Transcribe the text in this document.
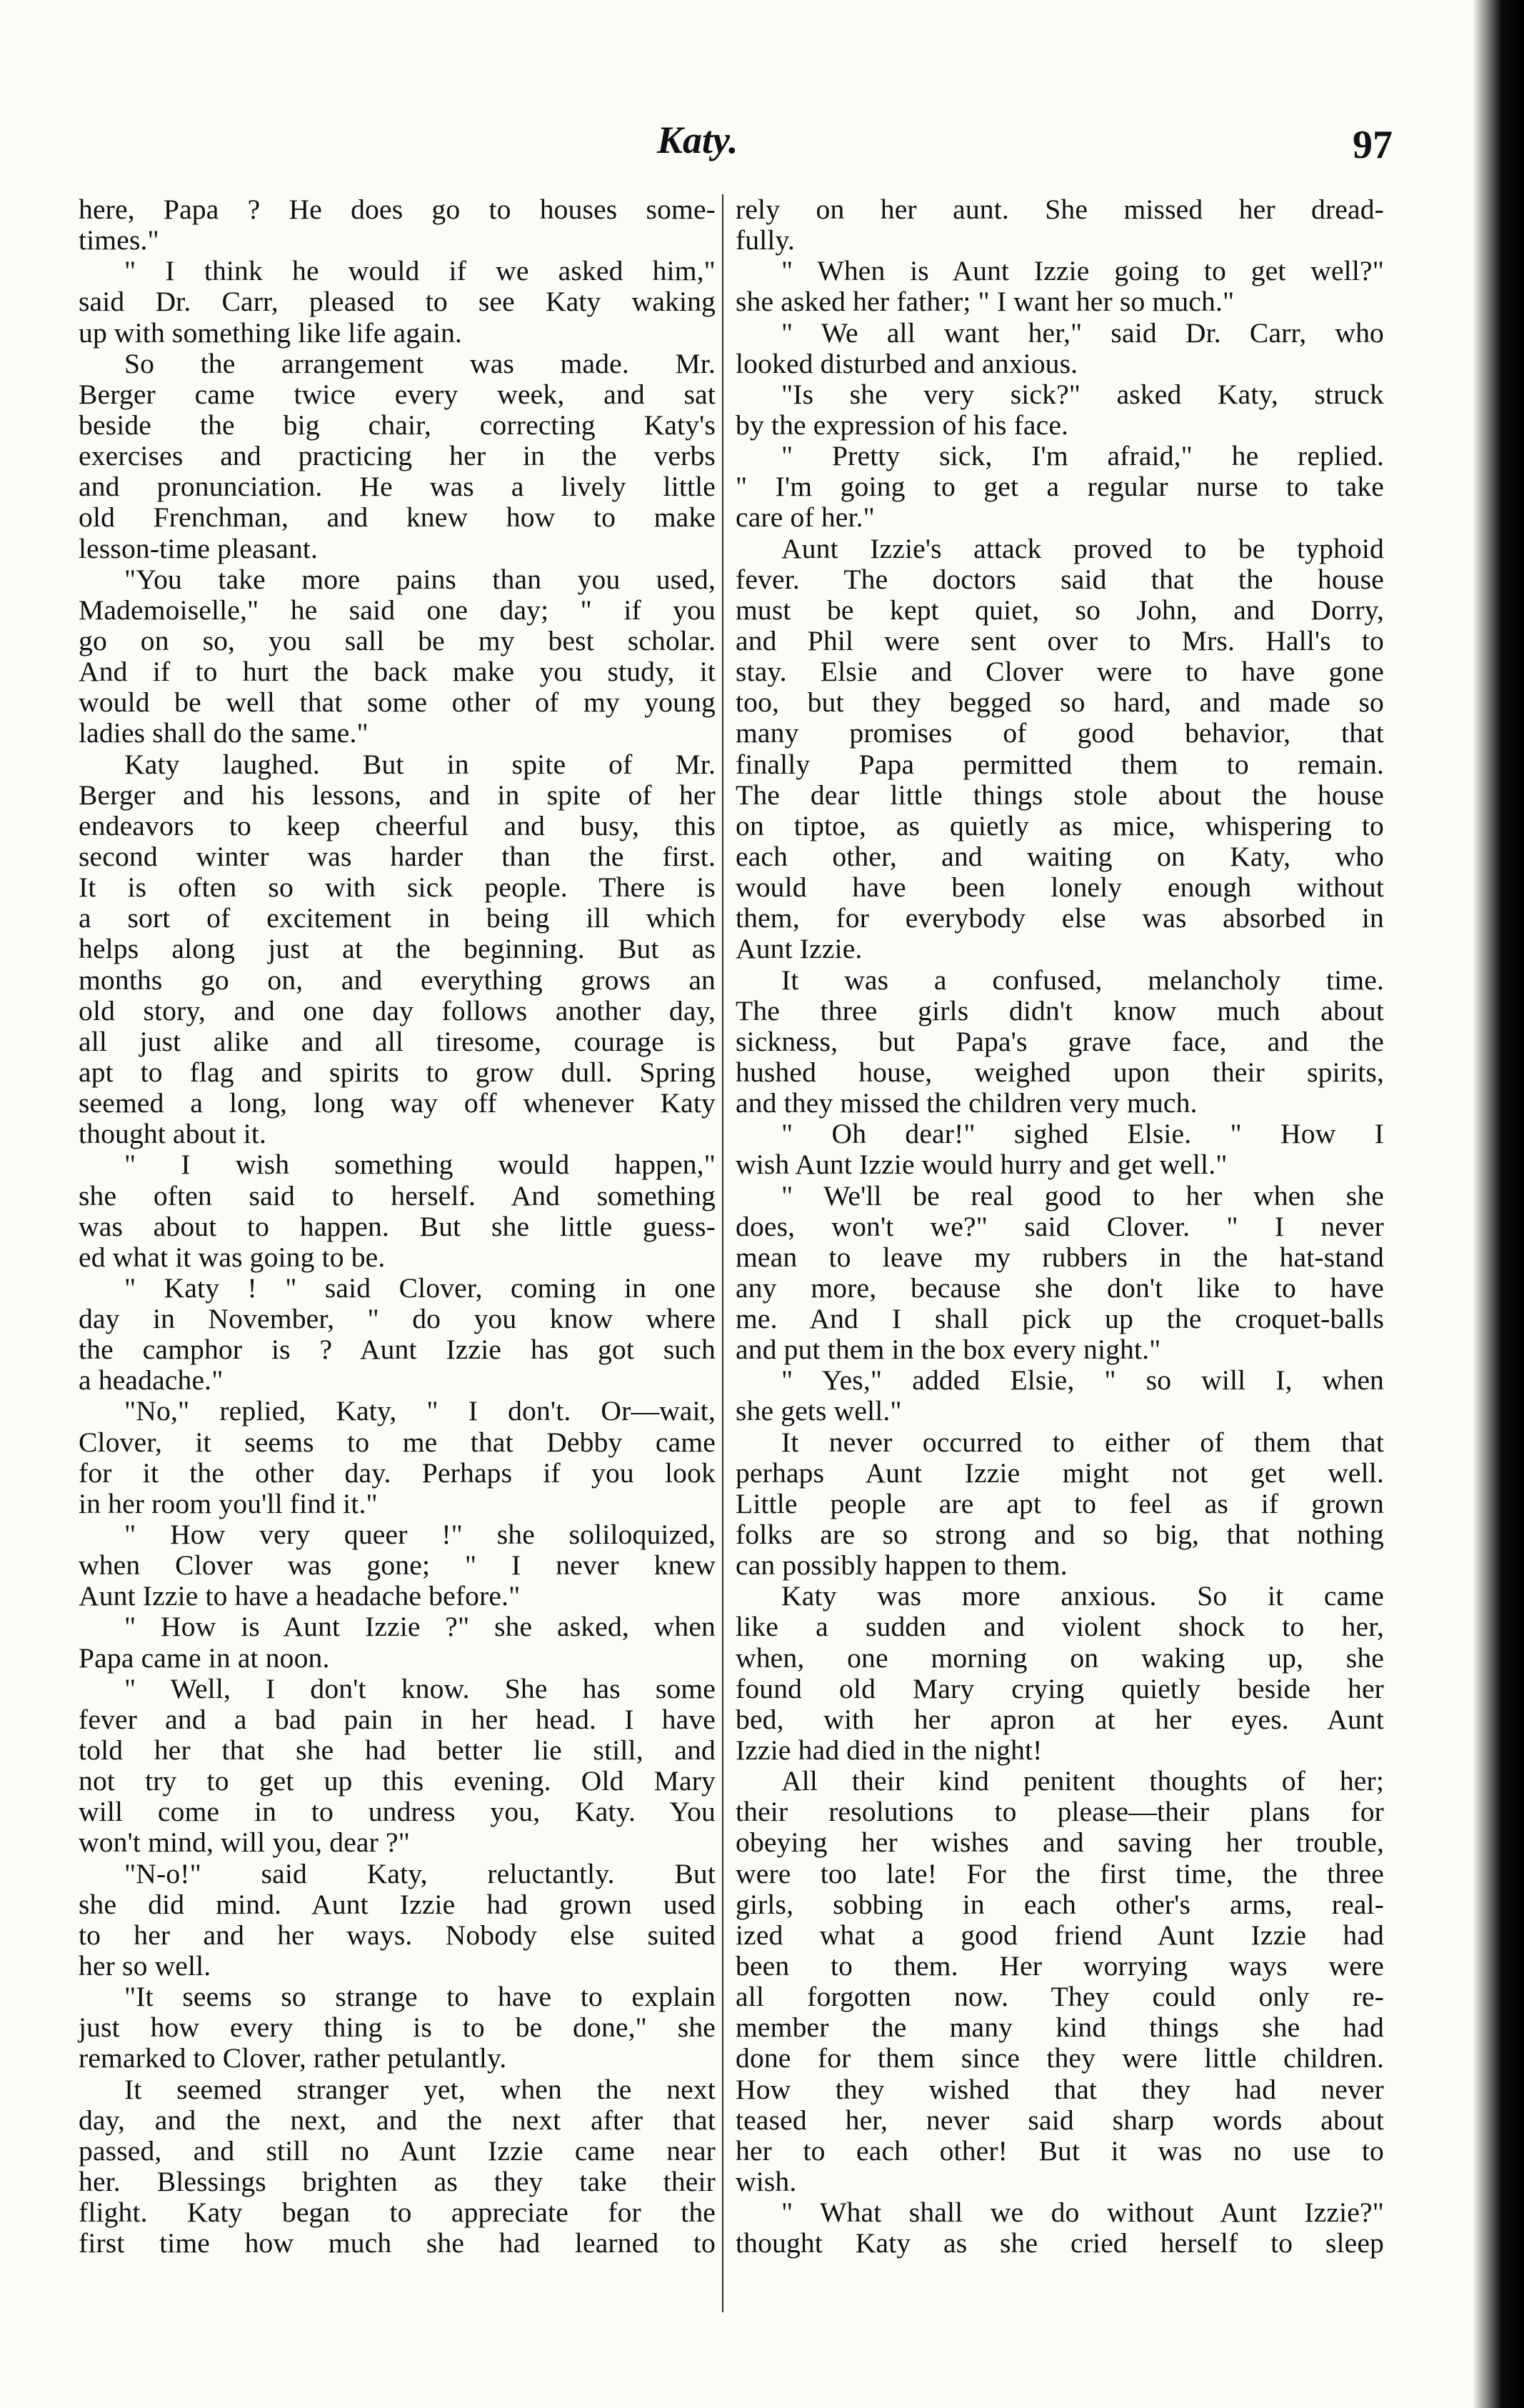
Katy.	97
here, Papa ? He does go to houses some-
times."
" I think he would if we asked him,"
said Dr. Carr, pleased to see Katy waking
up with something like life again.
So the arrangement was made. Mr.
Berger came twice every week, and sat
beside the big chair, correcting Katy's
exercises and practicing her in the verbs
and pronunciation. He was a lively little
old Frenchman, and knew how to make
lesson-time pleasant.
"You take more pains than you used,
Mademoiselle," he said one day; " if you
go on so, you sall be my best scholar.
And if to hurt the back make you study, it
would be well that some other of my young
ladies shall do the same."
Katy laughed. But in spite of Mr.
Berger and his lessons, and in spite of her
endeavors to keep cheerful and busy, this
second winter was harder than the first.
It is often so with sick people. There is
a sort of excitement in being ill which
helps along just at the beginning. But as
months go on, and everything grows an
old story, and one day follows another day,
all just alike and all tiresome, courage is
apt to flag and spirits to grow dull. Spring
seemed a long, long way off whenever Katy
thought about it.
" I wish something would happen,"
she often said to herself. And something
was about to happen. But she little guess-
ed what it was going to be.
" Katy ! " said Clover, coming in one
day in November, " do you know where
the camphor is ? Aunt Izzie has got such
a headache."
"No," replied, Katy, " I don't. Or—wait,
Clover, it seems to me that Debby came
for it the other day. Perhaps if you look
in her room you'll find it."
" How very queer !" she soliloquized,
when Clover was gone; " I never knew
Aunt Izzie to have a headache before."
" How is Aunt Izzie ?" she asked, when
Papa came in at noon.
" Well, I don't know. She has some
fever and a bad pain in her head. I have
told her that she had better lie still, and
not try to get up this evening. Old Mary
will come in to undress you, Katy. You
won't mind, will you, dear ?"
"N-o!" said Katy, reluctantly. But
she did mind. Aunt Izzie had grown used
to her and her ways. Nobody else suited
her so well.
"It seems so strange to have to explain
just how every thing is to be done," she
remarked to Clover, rather petulantly.
It seemed stranger yet, when the next
day, and the next, and the next after that
passed, and still no Aunt Izzie came near
her. Blessings brighten as they take their
flight. Katy began to appreciate for the
first time how much she had learned to
rely on her aunt. She missed her dread-
fully.
" When is Aunt Izzie going to get well?"
she asked her father; " I want her so much."
" We all want her," said Dr. Carr, who
looked disturbed and anxious.
"Is she very sick?" asked Katy, struck
by the expression of his face.
" Pretty sick, I'm afraid," he replied.
" I'm going to get a regular nurse to take
care of her."
Aunt Izzie's attack proved to be typhoid
fever. The doctors said that the house
must be kept quiet, so John, and Dorry,
and Phil were sent over to Mrs. Hall's to
stay. Elsie and Clover were to have gone
too, but they begged so hard, and made so
many promises of good behavior, that
finally Papa permitted them to remain.
The dear little things stole about the house
on tiptoe, as quietly as mice, whispering to
each other, and waiting on Katy, who
would have been lonely enough without
them, for everybody else was absorbed in
Aunt Izzie.
It was a confused, melancholy time.
The three girls didn't know much about
sickness, but Papa's grave face, and the
hushed house, weighed upon their spirits,
and they missed the children very much.
" Oh dear!" sighed Elsie. " How I
wish Aunt Izzie would hurry and get well."
" We'll be real good to her when she
does, won't we?" said Clover. " I never
mean to leave my rubbers in the hat-stand
any more, because she don't like to have
me. And I shall pick up the croquet-balls
and put them in the box every night."
" Yes," added Elsie, " so will I, when
she gets well."
It never occurred to either of them that
perhaps Aunt Izzie might not get well.
Little people are apt to feel as if grown
folks are so strong and so big, that nothing
can possibly happen to them.
Katy was more anxious. So it came
like a sudden and violent shock to her,
when, one morning on waking up, she
found old Mary crying quietly beside her
bed, with her apron at her eyes. Aunt
Izzie had died in the night!
All their kind penitent thoughts of her;
their resolutions to please—their plans for
obeying her wishes and saving her trouble,
were too late! For the first time, the three
girls, sobbing in each other's arms, real-
ized what a good friend Aunt Izzie had
been to them. Her worrying ways were
all forgotten now. They could only re-
member the many kind things she had
done for them since they were little children.
How they wished that they had never
teased her, never said sharp words about
her to each other! But it was no use to
wish.
" What shall we do without Aunt Izzie?"
thought Katy as she cried herself to sleep
